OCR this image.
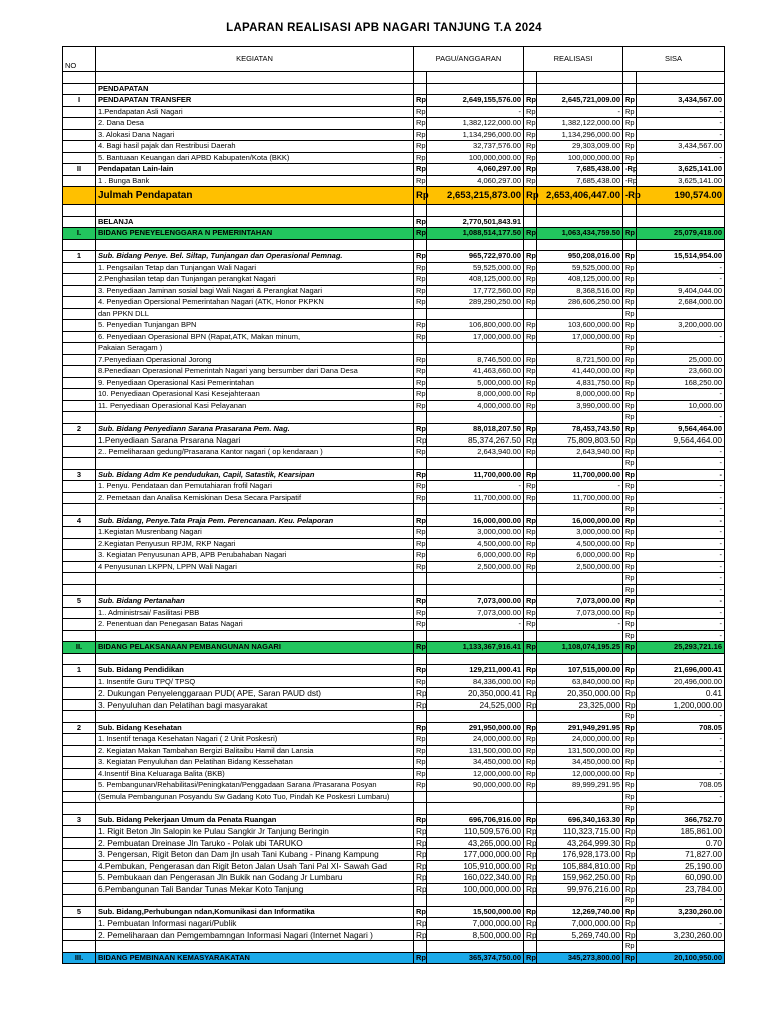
LAPARAN REALISASI APB NAGARI TANJUNG T.A 2024
NO	KEGIATAN	PAGU/ANGGARAN		REALISASI		SISA	

	PENDAPATAN						
I	PENDAPATAN TRANSFER	Rp	2,649,155,576.00	Rp	2,645,721,009.00	Rp	3,434,567.00
	1.Pendapatan Asli Nagari	Rp	-	Rp	-	Rp	-
	2. Dana Desa	Rp	1,382,122,000.00	Rp	1,382,122,000.00	Rp	-
	3. Alokasi Dana Nagari	Rp	1,134,296,000.00	Rp	1,134,296,000.00	Rp	-
	4. Bagi hasil pajak dan Restribusi Daerah	Rp	32,737,576.00	Rp	29,303,009.00	Rp	3,434,567.00
	5. Bantuaan Keuangan dari APBD Kabupaten/Kota (BKK)	Rp	100,000,000.00	Rp	100,000,000.00	Rp	-
II	Pendapatan Lain-lain	Rp	4,060,297.00	Rp	7,685,438.00	-Rp	3,625,141.00
	1 . Bunga Bank	Rp	4,060,297.00	Rp	7,685,438.00	-Rp	3,625,141.00
	Julmah Pendapatan	Rp	2,653,215,873.00	Rp	2,653,406,447.00	-Rp	190,574.00

	BELANJA	Rp	2,770,501,843.91				
I.	BIDANG PENEYELENGGARA N PEMERINTAHAN	Rp	1,088,514,177.50	Rp	1,063,434,759.50	Rp	25,079,418.00

1	Sub. Bidang Penye. Bel. Siltap, Tunjangan dan Operasional Pemnag.	Rp	965,722,970.00	Rp	950,208,016.00	Rp	15,514,954.00
	1. Pengsailan Tetap dan Tunjangan Wali Nagari	Rp	59,525,000.00	Rp	59,525,000.00	Rp	-
	2.Penghasilan tetap dan Tunjangan perangkat Nagari	Rp	408,125,000.00	Rp	408,125,000.00	Rp	-
	3. Penyediaan Jaminan sosial bagi Wali Nagari & Perangkat Nagari	Rp	17,772,560.00	Rp	8,368,516.00	Rp	9,404,044.00
	4. Penyedian Opersional Pemerintahan Nagari (ATK, Honor PKPKN	Rp	289,290,250.00	Rp	286,606,250.00	Rp	2,684,000.00
	dan PPKN DLL					Rp	
	5. Penyedian Tunjangan BPN	Rp	106,800,000.00	Rp	103,600,000.00	Rp	3,200,000.00
	6. Penyediaan Operasional BPN (Rapat,ATK, Makan minum,	Rp	17,000,000.00	Rp	17,000,000.00	Rp	-
	Pakaian Seragam )					Rp	
	7.Penyediaan Operasional Jorong	Rp	8,746,500.00	Rp	8,721,500.00	Rp	25,000.00
	8.Penediaan Operasional Pemerintah Nagari yang bersumber dari Dana Desa	Rp	41,463,660.00	Rp	41,440,000.00	Rp	23,660.00
	9. Penyediaan Operasional Kasi Pemerintahan	Rp	5,000,000.00	Rp	4,831,750.00	Rp	168,250.00
	10. Penyediaan Operasional Kasi Kesejahteraan	Rp	8,000,000.00	Rp	8,000,000.00	Rp	-
	11. Penyediaan Operasional Kasi Pelayanan	Rp	4,000,000.00	Rp	3,990,000.00	Rp	10,000.00
						Rp	-
2	Sub. Bidang Penyediann Sarana Prasarana Pem. Nag.	Rp	88,018,207.50	Rp	78,453,743.50	Rp	9,564,464.00
	1.Penyediaan Sarana Prsarana Nagari	Rp	85,374,267.50	Rp	75,809,803.50	Rp	9,564,464.00
	2.. Pemeliharaan gedung/Prasarana Kantor nagari ( op kendaraan )	Rp	2,643,940.00	Rp	2,643,940.00	Rp	-
						Rp	-
3	Sub. Bidang Adm Ke pendudukan, Capil, Satastik, Kearsipan	Rp	11,700,000.00	Rp	11,700,000.00	Rp	-
	1. Penyu. Pendataan dan Pemutahiaran frofil Nagari	Rp	-	Rp	-	Rp	-
	2. Pemetaan dan Analisa Kemiskinan Desa Secara Parsipatif	Rp	11,700,000.00	Rp	11,700,000.00	Rp	-
						Rp	-
4	Sub. Bidang, Penye.Tata Praja Pem. Perencanaan. Keu. Pelaporan	Rp	16,000,000.00	Rp	16,000,000.00	Rp	-
	1.Kegiatan Musrenbang Nagari	Rp	3,000,000.00	Rp	3,000,000.00	Rp	-
	2.Kegiatan Penyusun RPJM, RKP Nagari	Rp	4,500,000.00	Rp	4,500,000.00	Rp	-
	3. Kegiatan Penyusunan APB, APB Perubahaban Nagari	Rp	6,000,000.00	Rp	6,000,000.00	Rp	-
	4 Penyusunan LKPPN, LPPN Wali Nagari	Rp	2,500,000.00	Rp	2,500,000.00	Rp	-
						Rp	-
						Rp	-
5	Sub. Bidang Pertanahan	Rp	7,073,000.00	Rp	7,073,000.00	Rp	-
	1.. Administrsai/ Fasilitasi PBB	Rp	7,073,000.00	Rp	7,073,000.00	Rp	-
	2. Penentuan dan Penegasan Batas Nagari	Rp	-	Rp	-	Rp	-
						Rp	-
II.	BIDANG PELAKSANAAN PEMBANGUNAN NAGARI	Rp	1,133,367,916.41	Rp	1,108,074,195.25	Rp	25,293,721.16

1	Sub. Bidang Pendidikan	Rp	129,211,000.41	Rp	107,515,000.00	Rp	21,696,000.41
	1. Insentife Guru TPQ/ TPSQ	Rp	84,336,000.00	Rp	63,840,000.00	Rp	20,496,000.00
	2. Dukungan Penyelenggaraan PUD( APE, Saran PAUD dst)	Rp	20,350,000.41	Rp	20,350,000.00	Rp	0.41
	3. Penyuluhan dan Pelatihan bagi masyarakat	Rp	24,525,000	Rp	23,325,000	Rp	1,200,000.00
						Rp	-
2	Sub. Bidang Kesehatan	Rp	291,950,000.00	Rp	291,949,291.95	Rp	708.05
	1. Insentif tenaga Kesehatan Nagari ( 2 Unit Poskesri)	Rp	24,000,000.00	Rp	24,000,000.00	Rp	-
	2. Kegiatan Makan Tambahan Bergizi Balitaibu Hamil dan Lansia	Rp	131,500,000.00	Rp	131,500,000.00	Rp	-
	3. Kegiatan Penyuluhan dan Pelatihan Bidang Kessehatan	Rp	34,450,000.00	Rp	34,450,000.00	Rp	-
	4.Insentif Bina Keluaraga Balita (BKB)	Rp	12,000,000.00	Rp	12,000,000.00	Rp	-
	5. Pembangunan/Rehabilitasi/Peningkatan/Penggadaan Sarana /Prasarana Posyan	Rp	90,000,000.00	Rp	89,999,291.95	Rp	708.05
	(Semula Pembangunan Posyandu Sw Gadang Koto Tuo, Pindah Ke Poskesri Lumbaru)					Rp	-
						Rp	
3	Sub. Bidang Pekerjaan Umum da Penata Ruangan	Rp	696,706,916.00	Rp	696,340,163.30	Rp	366,752.70
	1. Rigit Beton Jln Salopin ke Pulau Sangkir Jr Tanjung Beringin	Rp	110,509,576.00	Rp	110,323,715.00	Rp	185,861.00
	2. Pembuatan Dreinase Jln Taruko - Polak ubi TARUKO	Rp	43,265,000.00	Rp	43,264,999.30	Rp	0.70
	3. Pengersan, Rigit Beton dan Dam jln usah Tani Kubang - Pinang Kampung	Rp	177,000,000.00	Rp	176,928,173.00	Rp	71,827.00
	4.Pembukan, Pengerasan dan Rigit Beton Jalan Usah Tani Pal XI- Sawah Gad	Rp	105,910,000.00	Rp	105,884,810.00	Rp	25,190.00
	5. Pembukaan dan Pengerasan Jln Bukik nan Godang Jr Lumbaru	Rp	160,022,340.00	Rp	159,962,250.00	Rp	60,090.00
	6.Pembangunan Tali Bandar Tunas Mekar Koto Tanjung	Rp	100,000,000.00	Rp	99,976,216.00	Rp	23,784.00
						Rp	-
5	Sub. Bidang,Perhubungan ndan,Komunikasi dan Informatika	Rp	15,500,000.00	Rp	12,269,740.00	Rp	3,230,260.00
	1. Pembuatan Informasi nagari/Publik	Rp	7,000,000.00	Rp	7,000,000.00	Rp	-
	2. Pemeliharaan dan Pemgembamngan Informasi Nagari (Internet Nagari )	Rp	8,500,000.00	Rp	5,269,740.00	Rp	3,230,260.00
						Rp	
III.	BIDANG PEMBINAAN KEMASYARAKATAN	Rp	365,374,750.00	Rp	345,273,800.00	Rp	20,100,950.00
